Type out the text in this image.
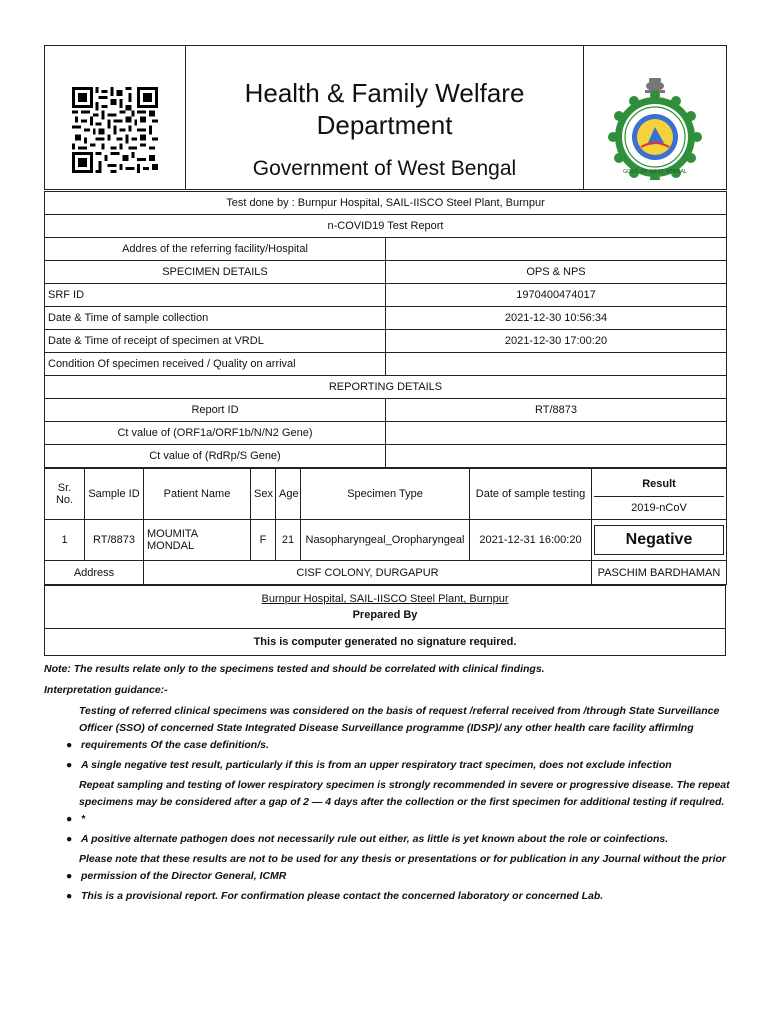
Health & Family Welfare
Department
Government of West Bengal	GOVT. OF WEST BENGAL
Test done by : Burnpur Hospital, SAIL-IISCO Steel Plant, Burnpur	
n-COVID19 Test Report	
Addres of the referring facility/Hospital	
SPECIMEN DETAILS	OPS & NPS
SRF ID	1970400474017
Date & Time of sample collection	2021-12-30 10:56:34
Date & Time of receipt of specimen at VRDL	2021-12-30 17:00:20
Condition Of specimen received / Quality on arrival	
REPORTING DETAILS	
Report ID	RT/8873
Ct value of (ORF1a/ORF1b/N/N2 Gene)	
Ct value of (RdRp/S Gene)	
Sr. No.	Sample ID	Patient Name	Sex	Age	Specimen Type	Date of sample testing	Result
2019-nCoV

1	RT/8873	MOUMITA MONDAL	F	21	Nasopharyngeal_Oropharyngeal	2021-12-31 16:00:20	Negative

Address		CISF COLONY, DURGAPUR					PASCHIM BARDHAMAN
Burnpur Hospital, SAIL-IISCO Steel Plant, Burnpur
Prepared By

This is computer generated no signature required.

Note: The results relate only to the specimens tested and should be correlated with clinical findings.

Interpretation guidance:-

Testing of referred clinical specimens was considered on the basis of request /referral received from /through State Surveillance Officer (SSO) of concerned State Integrated Disease Surveillance programme (IDSP)/ any other health care facility affirmlng
● requirements Of the case definition/s.
● A single negative test result, particularly if this is from an upper respiratory tract specimen, does not exclude infection
Repeat sampling and testing of lower respiratory specimen is strongly recommended in severe or progressive disease. The repeat specimens may be considered after a gap of 2 — 4 days after the collection or the first specimen for additional testing if requlred.
● *
● A positive alternate pathogen does not necessarily rule out either, as little is yet known about the role or coinfections.
Please note that these results are not to be used for any thesis or presentations or for publication in any Journal without the prior
● permission of the Director General, ICMR
● This is a provisional report. For confirmation please contact the concerned laboratory or concerned Lab.
